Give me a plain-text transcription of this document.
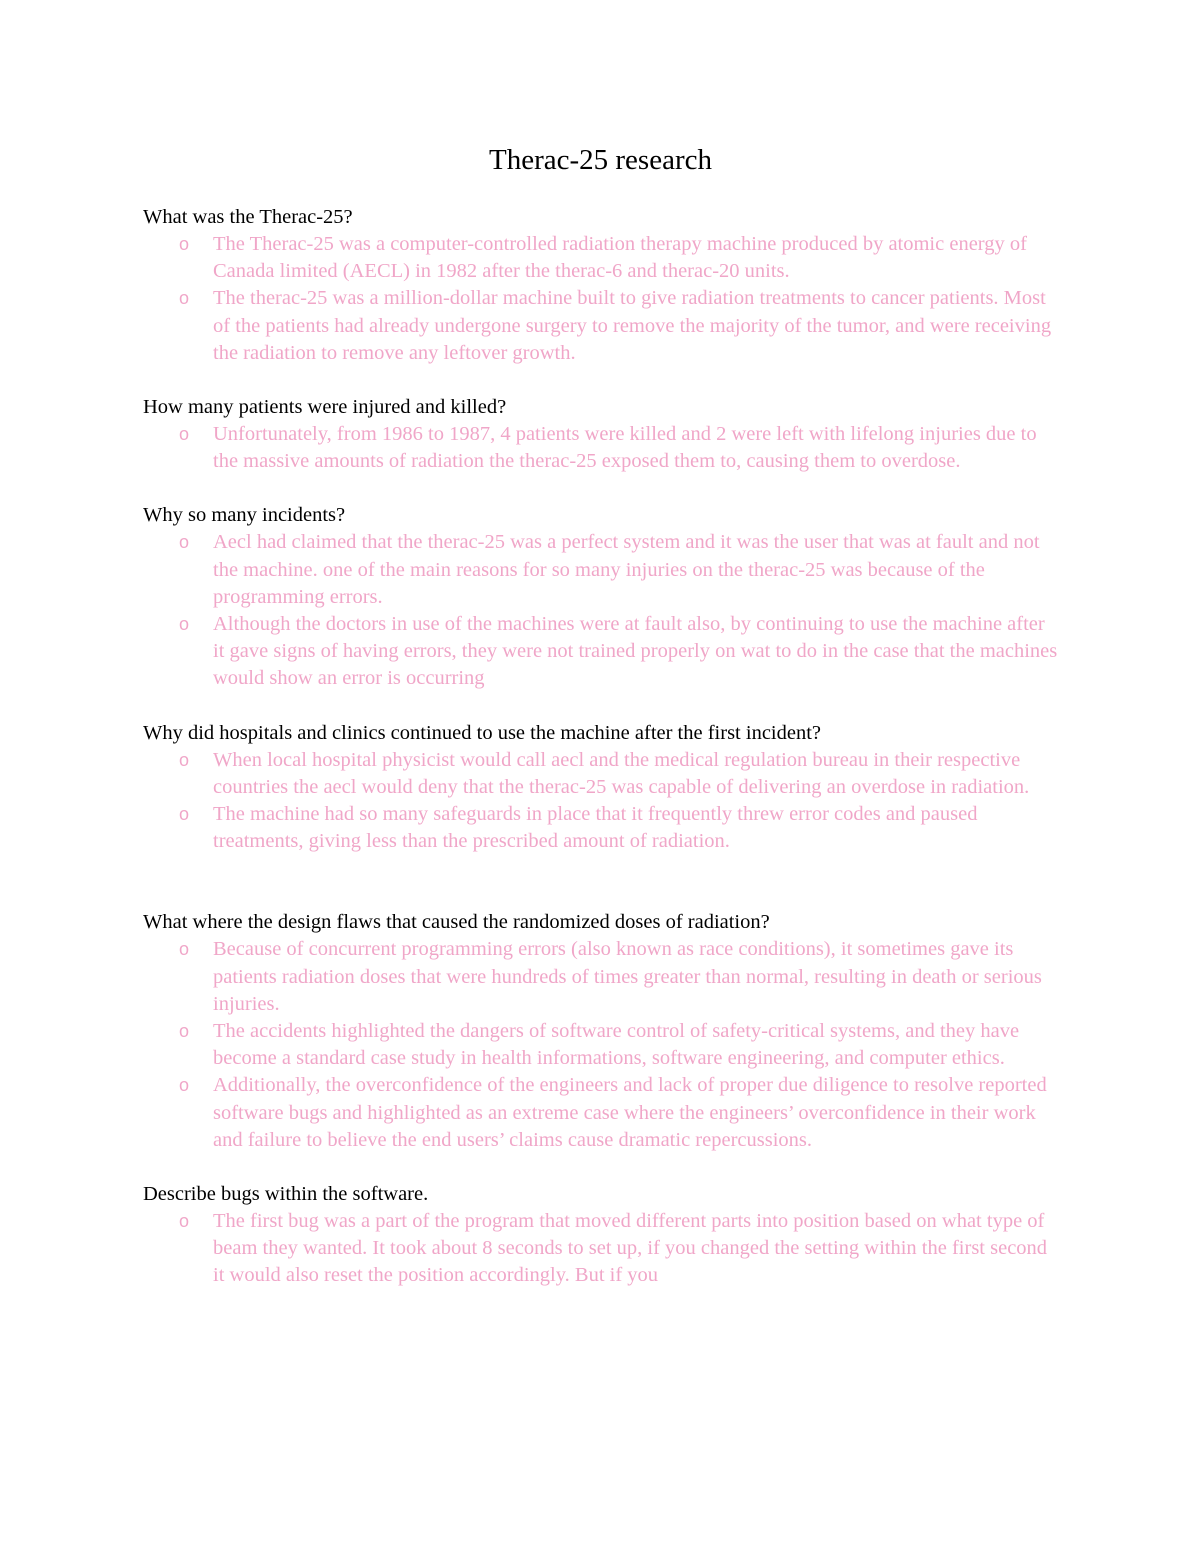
Therac-25 research

What was the Therac-25?

o The Therac-25 was a computer-controlled radiation therapy machine produced by atomic energy of Canada limited (AECL) in 1982 after the therac-6 and therac-20 units.
o The therac-25 was a million-dollar machine built to give radiation treatments to cancer patients. Most of the patients had already undergone surgery to remove the majority of the tumor, and were receiving the radiation to remove any leftover growth.

How many patients were injured and killed?

o Unfortunately, from 1986 to 1987, 4 patients were killed and 2 were left with lifelong injuries due to the massive amounts of radiation the therac-25 exposed them to, causing them to overdose.

Why so many incidents?

o Aecl had claimed that the therac-25 was a perfect system and it was the user that was at fault and not the machine. one of the main reasons for so many injuries on the therac-25 was because of the programming errors.
o Although the doctors in use of the machines were at fault also, by continuing to use the machine after it gave signs of having errors, they were not trained properly on wat to do in the case that the machines would show an error is occurring

Why did hospitals and clinics continued to use the machine after the first incident?

o When local hospital physicist would call aecl and the medical regulation bureau in their respective countries the aecl would deny that the therac-25 was capable of delivering an overdose in radiation.
o The machine had so many safeguards in place that it frequently threw error codes and paused treatments, giving less than the prescribed amount of radiation.

What where the design flaws that caused the randomized doses of radiation?

o Because of concurrent programming errors (also known as race conditions), it sometimes gave its patients radiation doses that were hundreds of times greater than normal, resulting in death or serious injuries.
o The accidents highlighted the dangers of software control of safety-critical systems, and they have become a standard case study in health informations, software engineering, and computer ethics.
o Additionally, the overconfidence of the engineers and lack of proper due diligence to resolve reported software bugs and highlighted as an extreme case where the engineers’ overconfidence in their work and failure to believe the end users’ claims cause dramatic repercussions.

Describe bugs within the software.

o The first bug was a part of the program that moved different parts into position based on what type of beam they wanted. It took about 8 seconds to set up, if you changed the setting within the first second it would also reset the position accordingly. But if you
